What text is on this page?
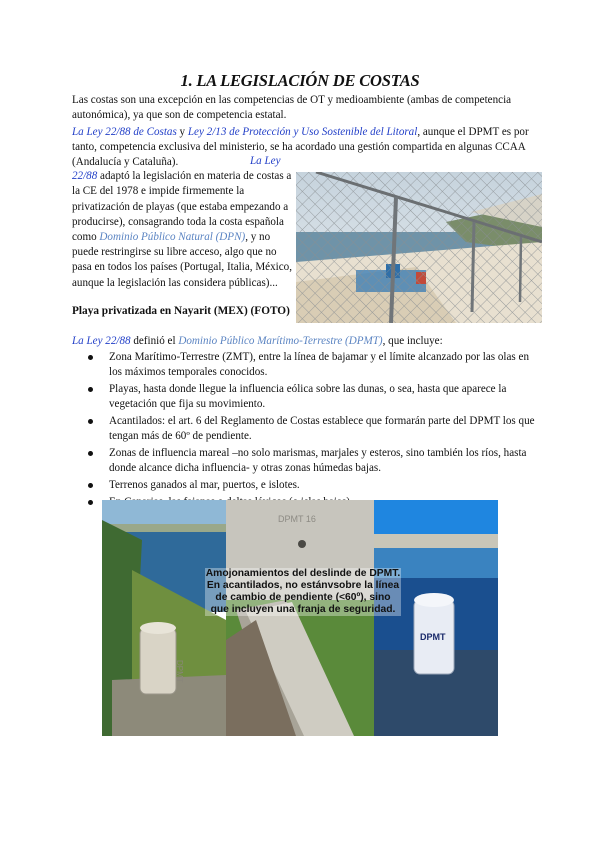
1. LA LEGISLACIÓN DE COSTAS
Las costas son una excepción en las competencias de OT y medioambiente (ambas de competencia autonómica), ya que son de competencia estatal.
La Ley 22/88 de Costas y Ley 2/13 de Protección y Uso Sostenible del Litoral, aunque el DPMT es por tanto, competencia exclusiva del ministerio, se ha acordado una gestión compartida en algunas CCAA (Andalucía y Cataluña).	La Ley 22/88 adaptó la legislación en materia de costas a la CE del 1978 e impide firmemente la privatización de playas (que estaba empezando a producirse), consagrando toda la costa española como Dominio Público Natural (DPN), y no puede restringirse su libre acceso, algo que no pasa en todos los países (Portugal, Italia, México, aunque la legislación las considera públicas)...
Playa privatizada en Nayarit (MEX) (FOTO)
La Ley 22/88 definió el Dominio Público Marítimo-Terrestre (DPMT), que incluye:
Zona Marítimo-Terrestre (ZMT), entre la línea de bajamar y el límite alcanzado por las olas en los máximos temporales conocidos.
Playas, hasta donde llegue la influencia eólica sobre las dunas, o sea, hasta que aparece la vegetación que fija su movimiento.
Acantilados: el art. 6 del Reglamento de Costas establece que formarán parte del DPMT los que tengan más de 60º de pendiente.
Zonas de influencia mareal –no solo marismas, marjales y esteros, sino también los ríos, hasta donde alcance dicha influencia- y otras zonas húmedas bajas.
Terrenos ganados al mar, puertos, e islotes.
DPMT
DPMT 16
DPMT
Amojonamientos del deslinde de DPMT. En acantilados, no estánvsobre la línea de cambio de pendiente (<60º), sino que incluyen una franja de seguridad.
